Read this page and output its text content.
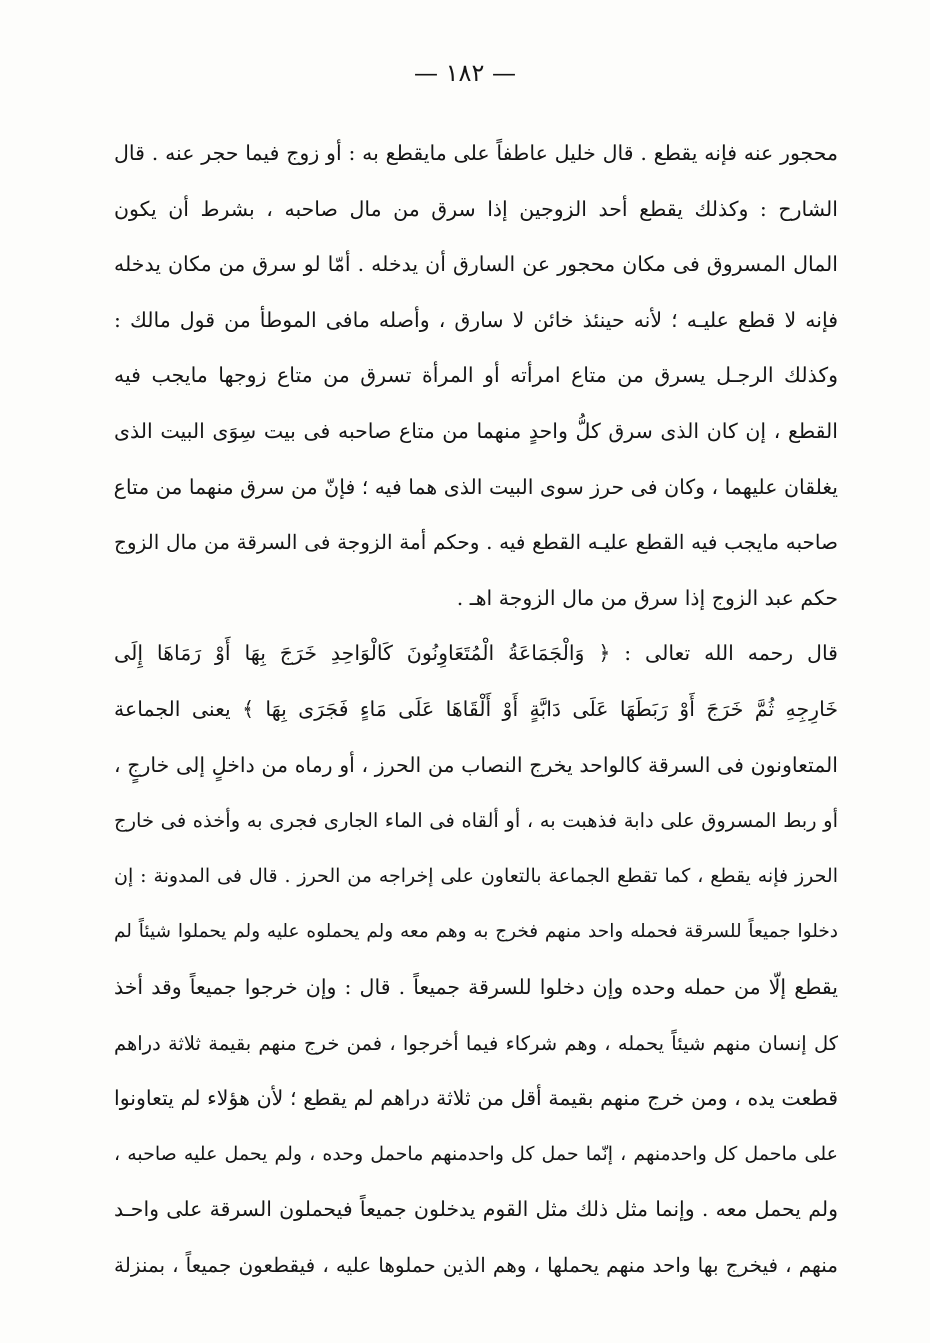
— ١٨٢ —
محجور عنه فإنه يقطع . قال خليل عاطفاً على مايقطع به : أو زوج فيما حجر عنه . قال
الشارح : وكذلك يقطع أحد الزوجين إذا سرق من مال صاحبه ، بشرط أن يكون
المال المسروق فى مكان محجور عن السارق أن يدخله . أمّا لو سرق من مكان يدخله
فإنه لا قطع عليـه ؛ لأنه حينئذ خائن لا سارق ، وأصله مافى الموطأ من قول مالك :
وكذلك الرجـل يسرق من متاع امرأته أو المرأة تسرق من متاع زوجها مايجب فيه
القطع ، إن كان الذى سرق كلُّ واحدٍ منهما من متاع صاحبه فى بيت سِوَى البيت الذى
يغلقان عليهما ، وكان فى حرز سوى البيت الذى هما فيه ؛ فإنّ من سرق منهما من متاع
صاحبه مايجب فيه القطع عليـه القطع فيه . وحكم أمة الزوجة فى السرقة من مال الزوج
حكم عبد الزوج إذا سرق من مال الزوجة اهـ .
قال رحمه الله تعالى : ﴿ وَالْجَمَاعَةُ الْمُتَعَاوِنُونَ كَالْوَاحِدِ خَرَجَ بِهَا أَوْ رَمَاهَا إِلَى
خَارِجِهِ ثُمَّ خَرَجَ أَوْ رَبَطَهَا عَلَى دَابَّةٍ أَوْ أَلْقَاهَا عَلَى مَاءٍ فَجَرَى بِهَا ﴾ يعنى الجماعة
المتعاونون فى السرقة كالواحد يخرج النصاب من الحرز ، أو رماه من داخلٍ إلى خارجٍ ،
أو ربط المسروق على دابة فذهبت به ، أو ألقاه فى الماء الجارى فجرى به وأخذه فى خارج
الحرز فإنه يقطع ، كما تقطع الجماعة بالتعاون على إخراجه من الحرز . قال فى المدونة : إن
دخلوا جميعاً للسرقة فحمله واحد منهم فخرج به وهم معه ولم يحملوه عليه ولم يحملوا شيئاً لم
يقطع إلّا من حمله وحده وإن دخلوا للسرقة جميعاً . قال : وإن خرجوا جميعاً وقد أخذ
كل إنسان منهم شيئاً يحمله ، وهم شركاء فيما أخرجوا ، فمن خرج منهم بقيمة ثلاثة دراهم
قطعت يده ، ومن خرج منهم بقيمة أقل من ثلاثة دراهم لم يقطع ؛ لأن هؤلاء لم يتعاونوا
على ماحمل كل واحدمنهم ، إنّما حمل كل واحدمنهم ماحمل وحده ، ولم يحمل عليه صاحبه ،
ولم يحمل معه . وإنما مثل ذلك مثل القوم يدخلون جميعاً فيحملون السرقة على واحـد
منهم ، فيخرج بها واحد منهم يحملها ، وهم الذين حملوها عليه ، فيقطعون جميعاً ، بمنزلة
